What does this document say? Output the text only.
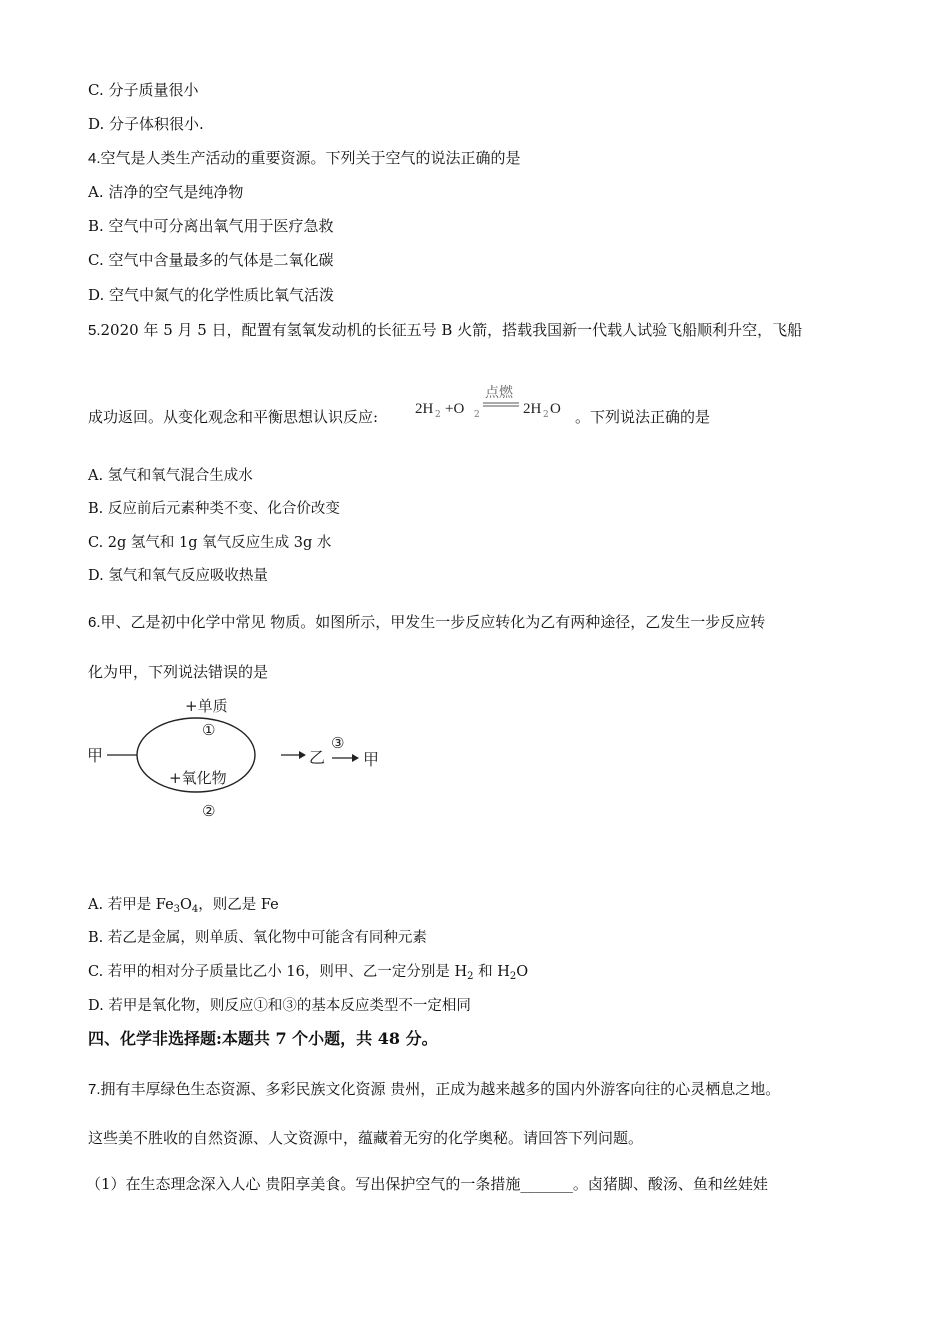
C. 分子质量很小
D. 分子体积很小.
4.空气是人类生产活动的重要资源。下列关于空气的说法正确的是
A. 洁净的空气是纯净物
B. 空气中可分离出氧气用于医疗急救
C. 空气中含量最多的气体是二氧化碳
D. 空气中氮气的化学性质比氧气活泼
5.2020 年 5 月 5 日，配置有氢氧发动机的长征五号 B 火箭，搭载我国新一代载人试验飞船顺利升空，飞船
成功返回。从变化观念和平衡思想认识反应:
点燃
2H 2 +O 2	2H 2 O 。下列说法正确的是
A. 氢气和氧气混合生成水
B. 反应前后元素种类不变、化合价改变
C. 2g 氢气和 1g 氧气反应生成 3g 水
D. 氢气和氧气反应吸收热量
6.甲、乙是初中化学中常见 物质。如图所示，甲发生一步反应转化为乙有两种途径，乙发生一步反应转
化为甲，下列说法错误的是
甲
+单质
①
+氧化物
②
乙
③
甲
A. 若甲是 $Fe_3O_4$，则乙是 Fe
B. 若乙是金属，则单质、氧化物中可能含有同种元素
C. 若甲的相对分子质量比乙小 16，则甲、乙一定分别是 $H_2$ 和 $H_2O$
D. 若甲是氧化物，则反应①和③的基本反应类型不一定相同
四、化学非选择题:本题共 7 个小题，共 48 分。
7.拥有丰厚绿色生态资源、多彩民族文化资源 贵州，正成为越来越多的国内外游客向往的心灵栖息之地。
这些美不胜收的自然资源、人文资源中，蕴藏着无穷的化学奥秘。请回答下列问题。
（1）在生态理念深入人心 贵阳享美食。写出保护空气的一条措施_______。卤猪脚、酸汤、鱼和丝娃娃
